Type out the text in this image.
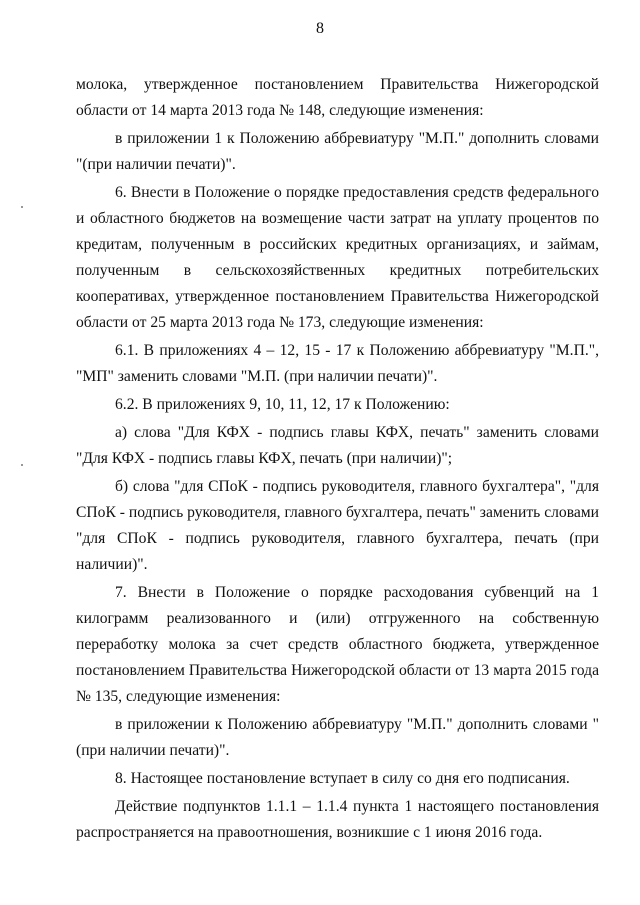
8

молока, утвержденное постановлением Правительства Нижегородской области от 14 марта 2013 года № 148, следующие изменения:

в приложении 1 к Положению аббревиатуру "М.П." дополнить словами "(при наличии печати)".

6. Внести в Положение о порядке предоставления средств федерального и областного бюджетов на возмещение части затрат на уплату процентов по кредитам, полученным в российских кредитных организациях, и займам, полученным в сельскохозяйственных кредитных потребительских кооперативах, утвержденное постановлением Правительства Нижегородской области от 25 марта 2013 года № 173, следующие изменения:

6.1. В приложениях 4 – 12, 15 - 17 к Положению аббревиатуру "М.П.", "МП" заменить словами "М.П. (при наличии печати)".

6.2. В приложениях 9, 10, 11, 12, 17 к Положению:

а) слова "Для КФХ - подпись главы КФХ, печать" заменить словами "Для КФХ - подпись главы КФХ, печать (при наличии)";

б) слова "для СПоК - подпись руководителя, главного бухгалтера", "для СПоК - подпись руководителя, главного бухгалтера, печать" заменить словами "для СПоК - подпись руководителя, главного бухгалтера, печать (при наличии)".

7. Внести в Положение о порядке расходования субвенций на 1 килограмм реализованного и (или) отгруженного на собственную переработку молока за счет средств областного бюджета, утвержденное постановлением Правительства Нижегородской области от 13 марта 2015 года № 135, следующие изменения:

в приложении к Положению аббревиатуру "М.П." дополнить словами "(при наличии печати)".

8. Настоящее постановление вступает в силу со дня его подписания.

Действие подпунктов 1.1.1 – 1.1.4 пункта 1 настоящего постановления распространяется на правоотношения, возникшие с 1 июня 2016 года.
